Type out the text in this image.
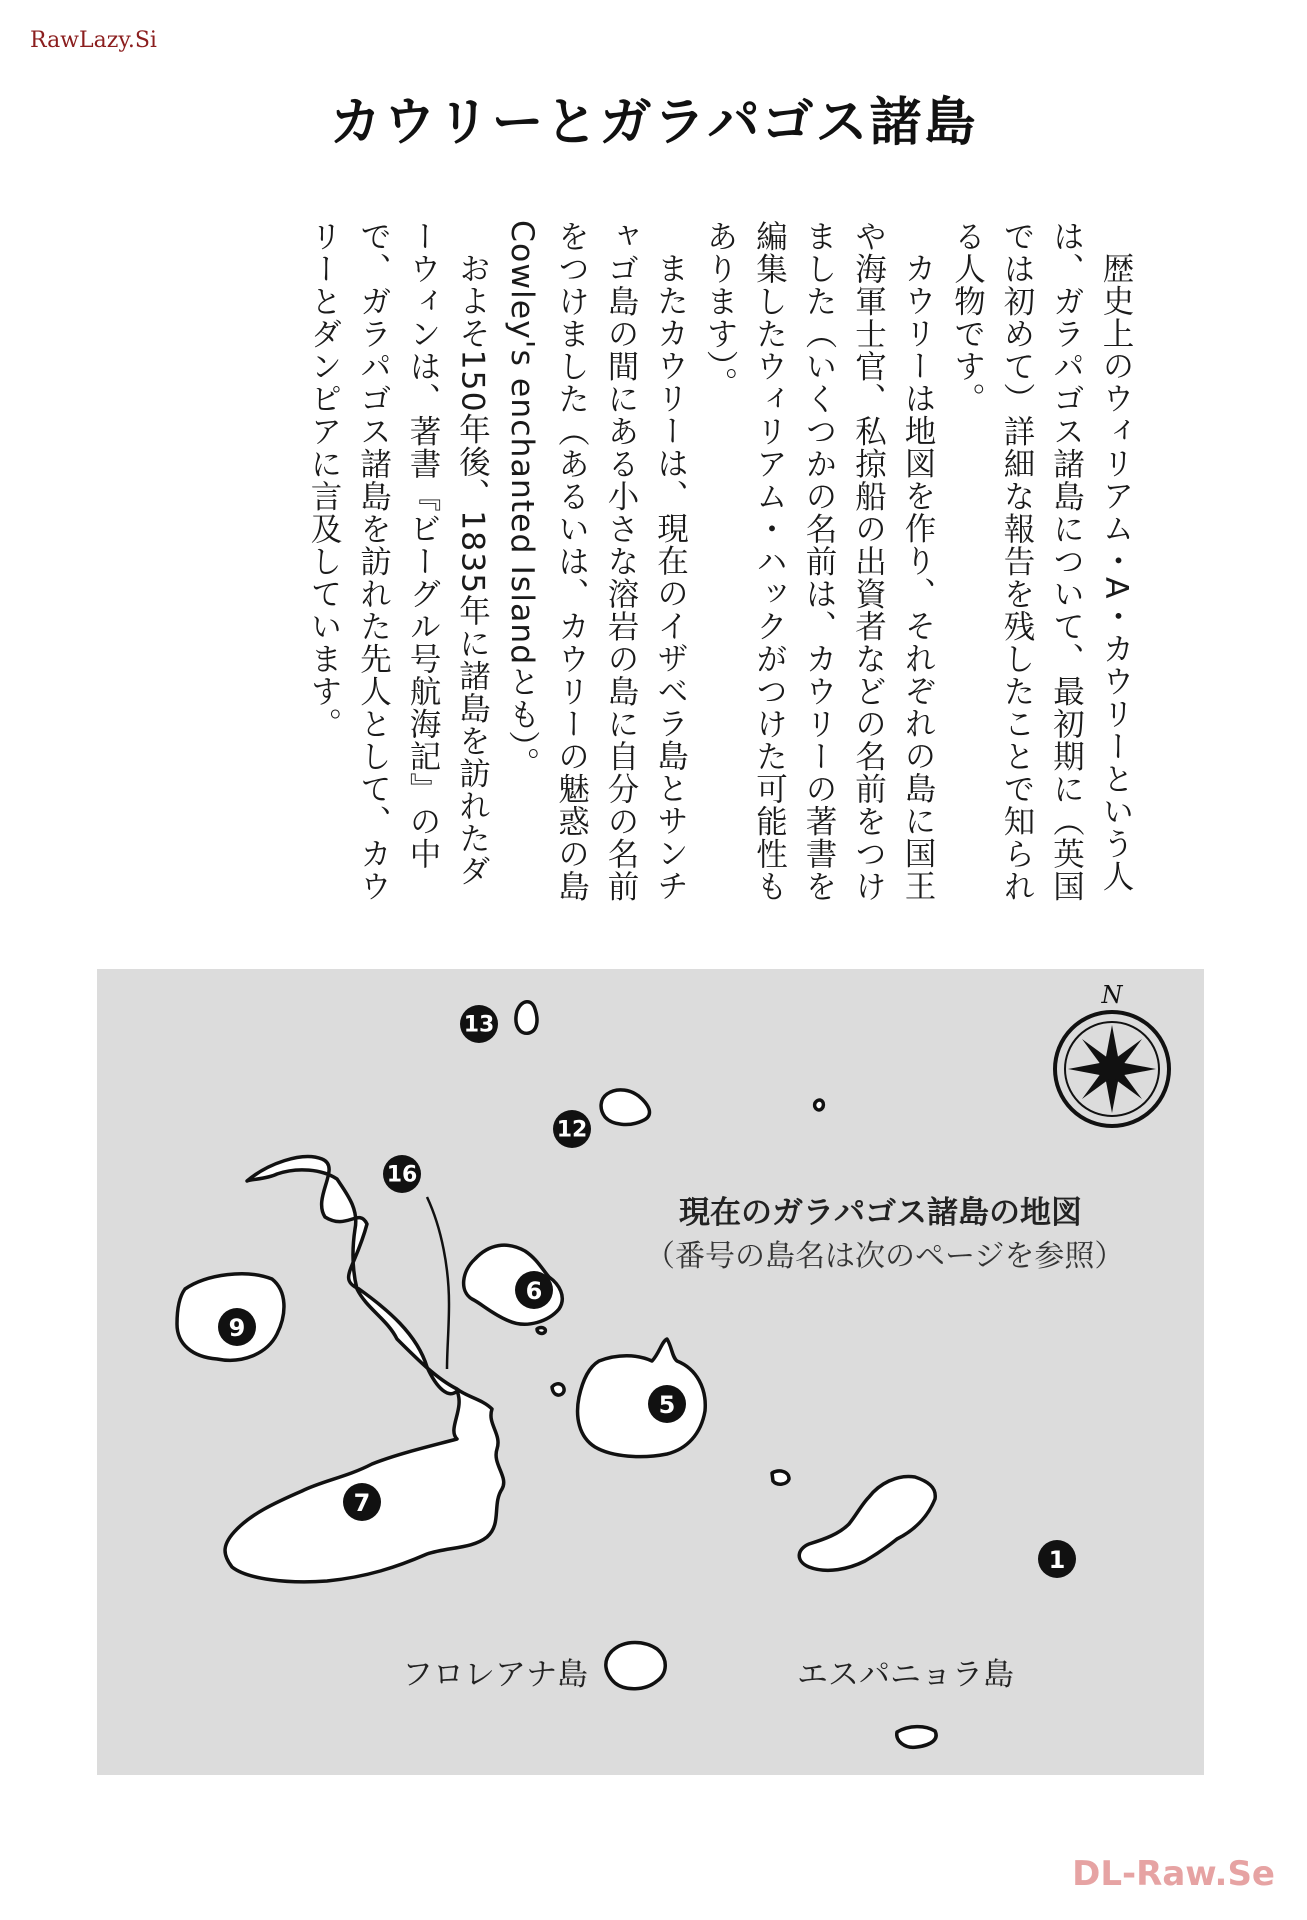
RawLazy.Si
カウリーとガラパゴス諸島

歴史上のウィリアム・A・カウリーという人は、ガラパゴス諸島について、最初期に（英国では初めて）詳細な報告を残したことで知られる人物です。

カウリーは地図を作り、それぞれの島に国王や海軍士官、私掠船の出資者などの名前をつけました（いくつかの名前は、カウリーの著書を編集したウィリアム・ハックがつけた可能性もあります）。

またカウリーは、現在のイザベラ島とサンチャゴ島の間にある小さな溶岩の島に自分の名前をつけました（あるいは、カウリーの魅惑の島Cowley's enchanted Islandとも）。

およそ150年後、1835年に諸島を訪れたダーウィンは、著書『ビーグル号航海記』の中で、ガラパゴス諸島を訪れた先人として、カウリーとダンピアに言及しています。

13
12
16
6
9
5
7
1
N
現在のガラパゴス諸島の地図
（番号の島名は次のページを参照）
フロレアナ島	エスパニョラ島
DL-Raw.Se
